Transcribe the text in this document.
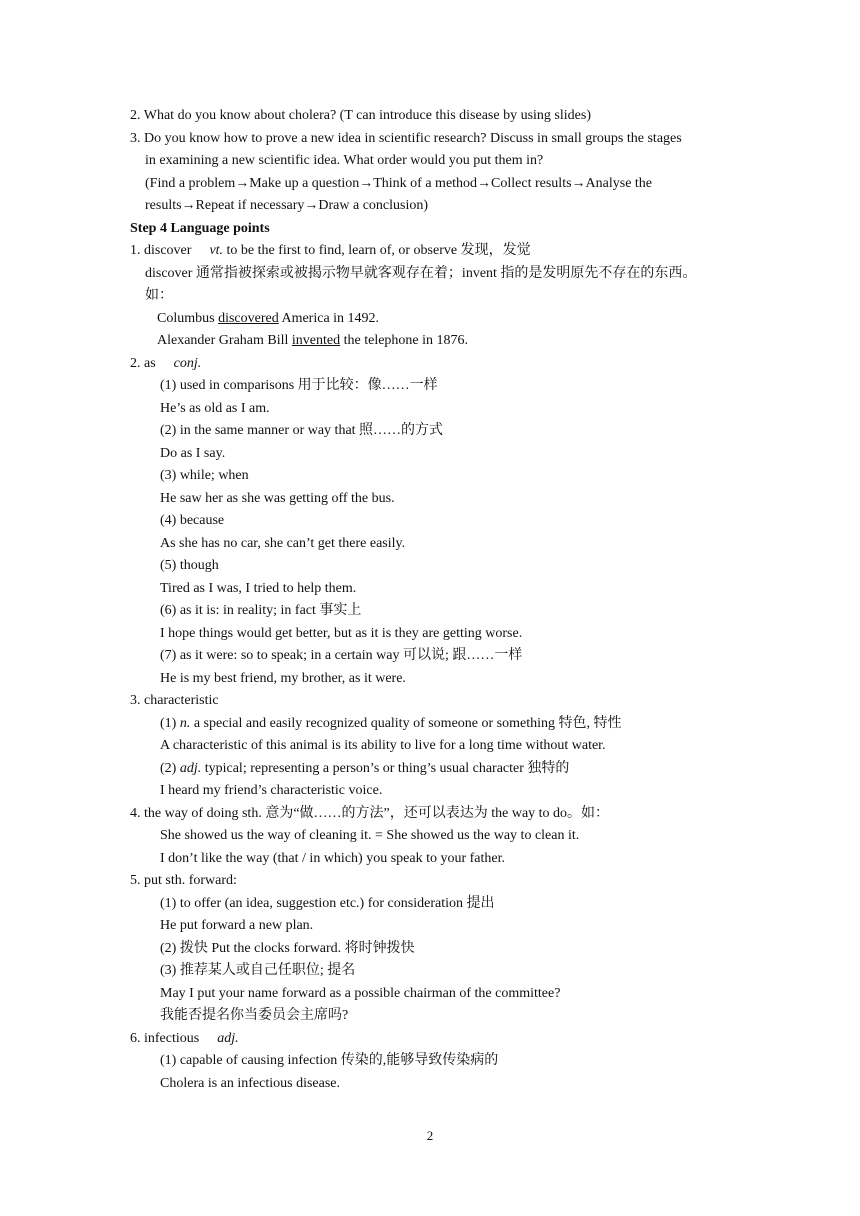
2. What do you know about cholera? (T can introduce this disease by using slides)
3. Do you know how to prove a new idea in scientific research? Discuss in small groups the stages
in examining a new scientific idea. What order would you put them in?
(Find a problem→Make up a question→Think of a method→Collect results→Analyse the
results→Repeat if necessary→Draw a conclusion)
Step 4 Language points
1. discover vt. to be the first to find, learn of, or observe 发现，发觉
discover 通常指被探索或被揭示物早就客观存在着；invent 指的是发明原先不存在的东西。
如：
Columbus discovered America in 1492.
Alexander Graham Bill invented the telephone in 1876.
2. as conj.
(1) used in comparisons 用于比较：像……一样
He’s as old as I am.
(2) in the same manner or way that 照……的方式
Do as I say.
(3) while; when
He saw her as she was getting off the bus.
(4) because
As she has no car, she can’t get there easily.
(5) though
Tired as I was, I tried to help them.
(6) as it is: in reality; in fact 事实上
I hope things would get better, but as it is they are getting worse.
(7) as it were: so to speak; in a certain way 可以说; 跟……一样
He is my best friend, my brother, as it were.
3. characteristic
(1) n. a special and easily recognized quality of someone or something 特色, 特性
A characteristic of this animal is its ability to live for a long time without water.
(2) adj. typical; representing a person’s or thing’s usual character 独特的
I heard my friend’s characteristic voice.
4. the way of doing sth. 意为“做……的方法”，还可以表达为 the way to do。如：
She showed us the way of cleaning it. = She showed us the way to clean it.
I don’t like the way (that / in which) you speak to your father.
5. put sth. forward:
(1) to offer (an idea, suggestion etc.) for consideration 提出
He put forward a new plan.
(2) 拨快 Put the clocks forward. 将时钟拨快
(3) 推荐某人或自己任职位; 提名
May I put your name forward as a possible chairman of the committee?
我能否提名你当委员会主席吗?
6. infectious adj.
(1) capable of causing infection 传染的,能够导致传染病的
Cholera is an infectious disease.
2
